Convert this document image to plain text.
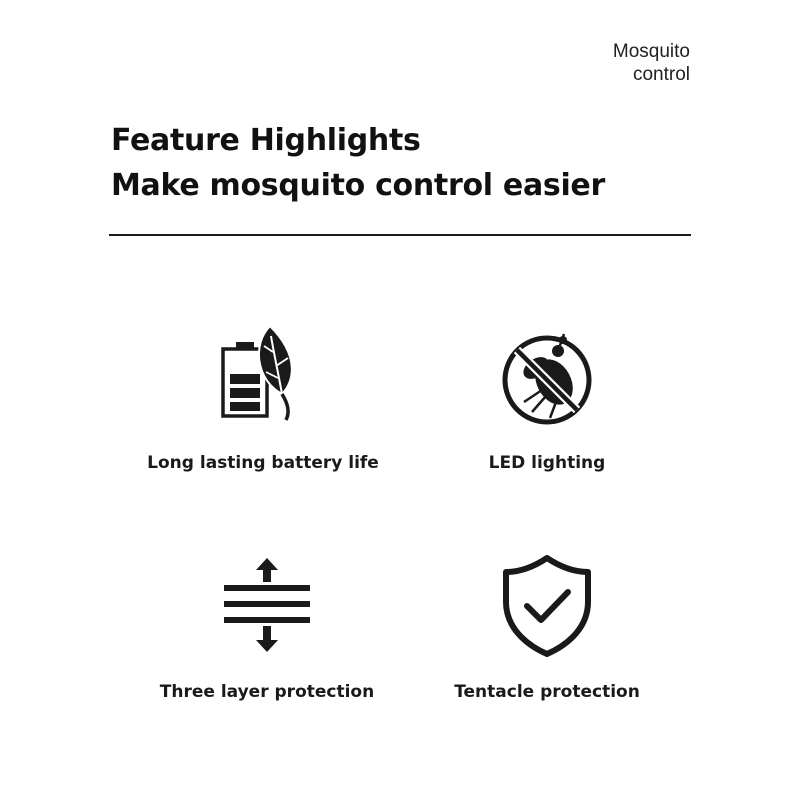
Mosquito
control
Feature Highlights
Make mosquito control easier
Long lasting battery life	LED lighting
Three layer protection	Tentacle protection
